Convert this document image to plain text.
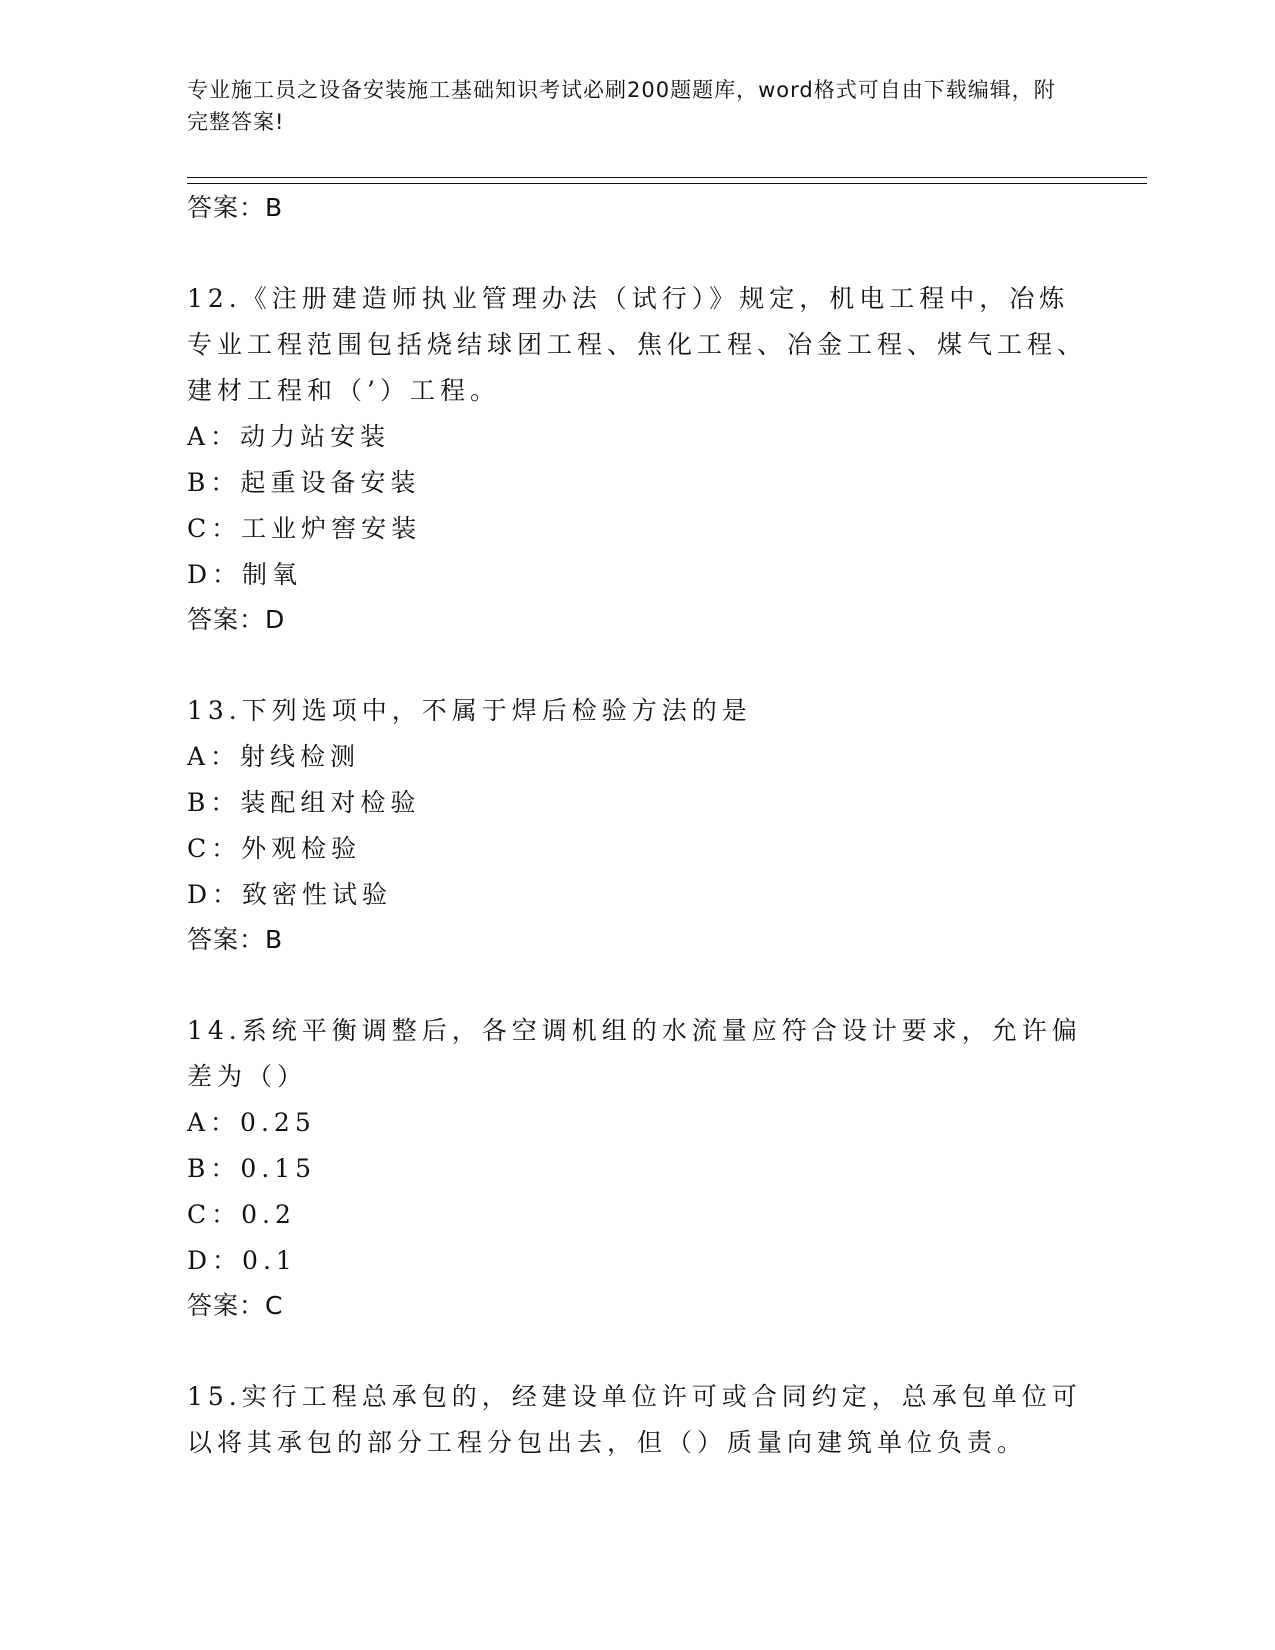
专业施工员之设备安装施工基础知识考试必刷200题题库，word格式可自由下载编辑，附完整答案!
答案：B
12.《注册建造师执业管理办法（试行）》规定，机电工程中，冶炼专业工程范围包括烧结球团工程、焦化工程、冶金工程、煤气工程、建材工程和（’）工程。
A：动力站安装
B：起重设备安装
C：工业炉窖安装
D：制氧
答案：D
13.下列选项中，不属于焊后检验方法的是
A：射线检测
B：装配组对检验
C：外观检验
D：致密性试验
答案：B
14.系统平衡调整后，各空调机组的水流量应符合设计要求，允许偏差为（）
A：0.25
B：0.15
C：0.2
D：0.1
答案：C
15.实行工程总承包的，经建设单位许可或合同约定，总承包单位可以将其承包的部分工程分包出去，但（）质量向建筑单位负责。
